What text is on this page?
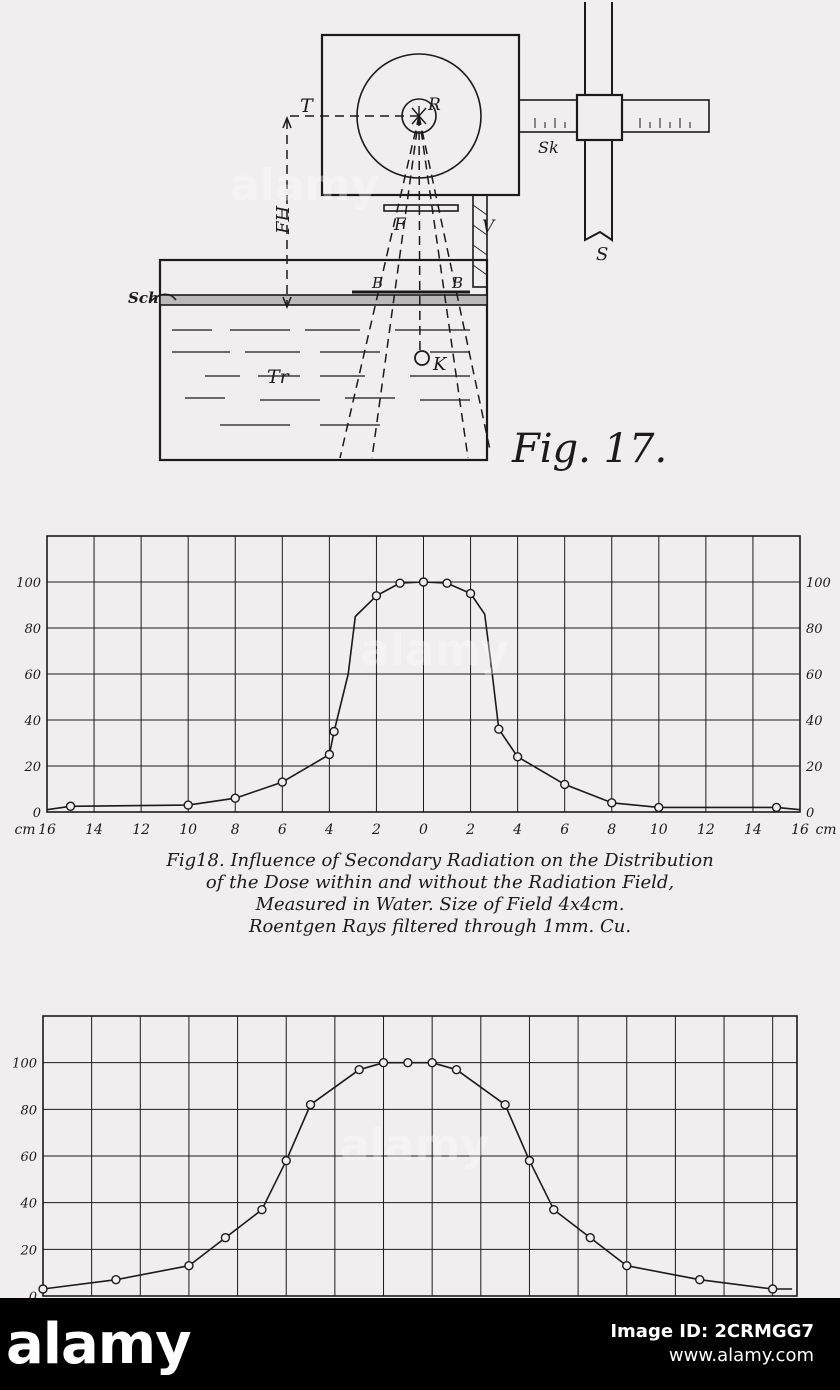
T	R
FH	F
Sk
V
S
Sch
B	B
K
Tr
Fig. 17.
0	0
20	20
40	40
60	60
80	80
100	100
16 14 12 10 8	6	4	2	0	2	4	6	8 10 12 14 16
cm	cm
20
40
60
80
100
Fig18. Influence of Secondary Radiation on the Distribution
of the Dose within and without the Radiation Field,
Measured in Water. Size of Field 4x4cm.
Roentgen Rays filtered through 1mm. Cu.
alamy
alamy
alamy
alamy	Image ID: 2CRMGG7
www.alamy.com
